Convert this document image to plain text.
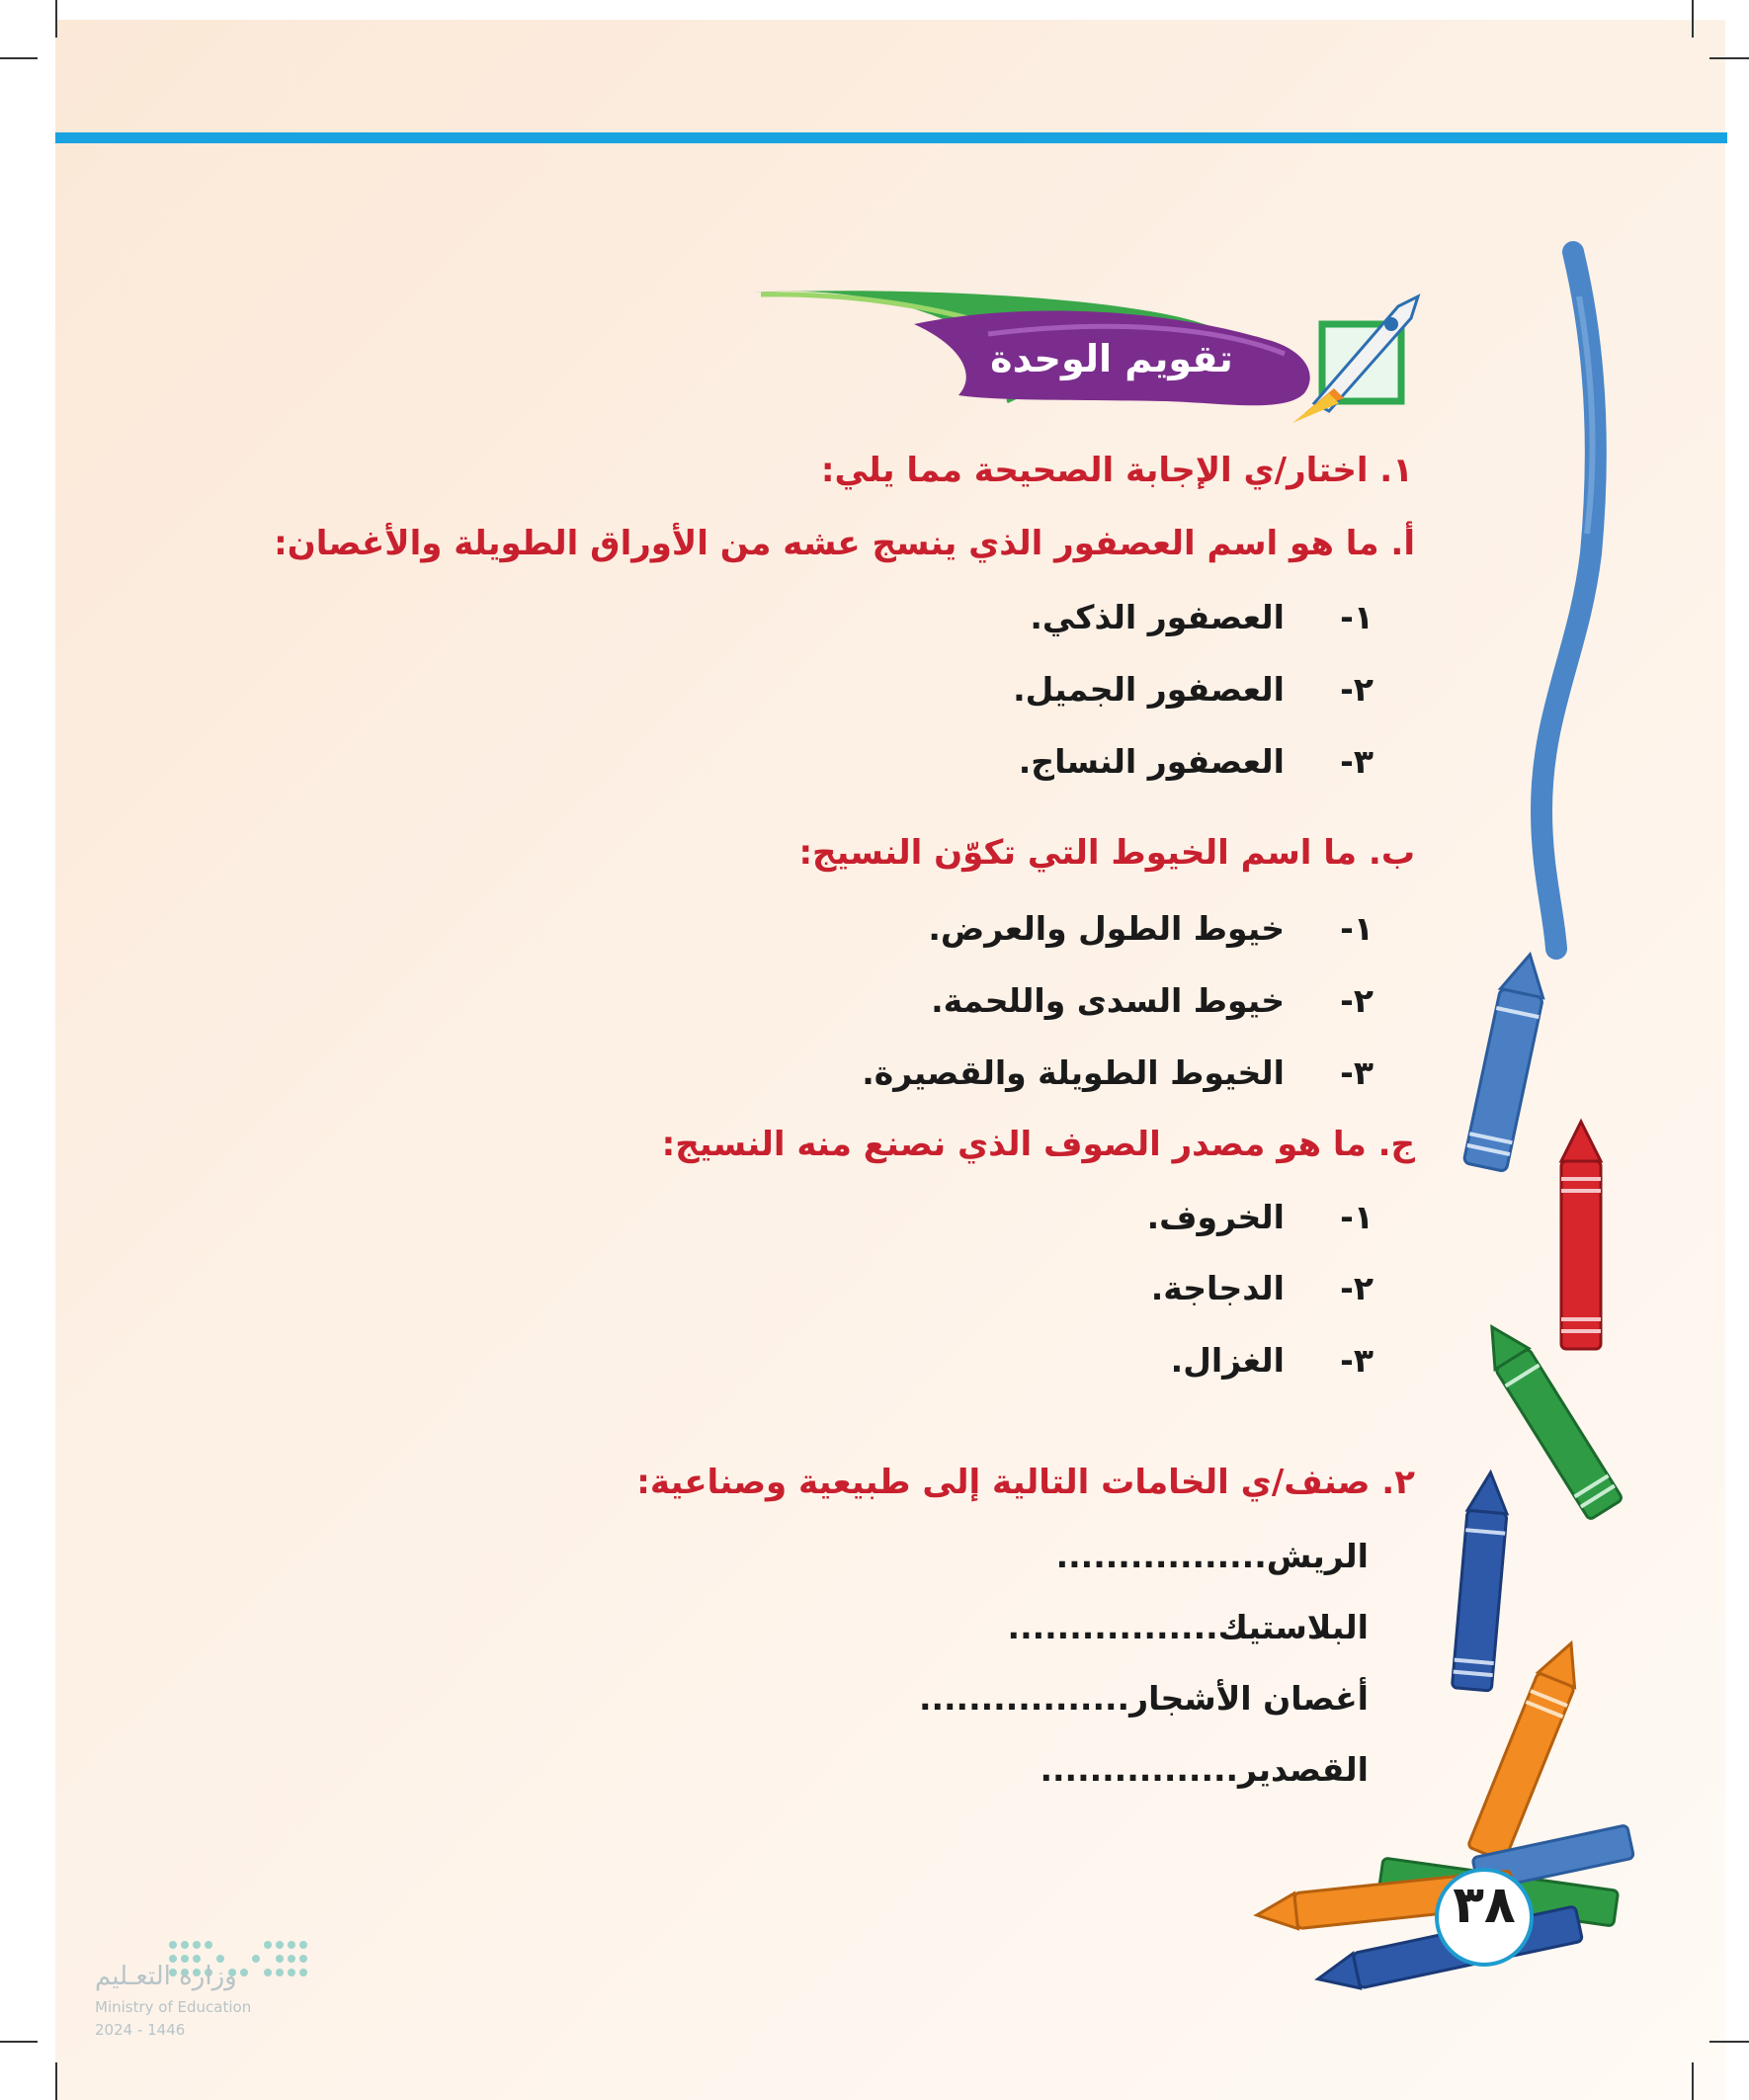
تقويم الوحدة
١. اختار/ي الإجابة الصحيحة مما يلي:
أ. ما هو اسم العصفور الذي ينسج عشه من الأوراق الطويلة والأغصان:
١-
العصفور الذكي.
٢-
العصفور الجميل.
٣-
العصفور النساج.
ب. ما اسم الخيوط التي تكوّن النسيج:
١-
خيوط الطول والعرض.
٢-
خيوط السدى واللحمة.
٣-
الخيوط الطويلة والقصيرة.
ج. ما هو مصدر الصوف الذي نصنع منه النسيج:
١-
الخروف.
٢-
الدجاجة.
٣-
الغزال.
٢. صنف/ي الخامات التالية إلى طبيعية وصناعية:
الريش.................
البلاستيك.................
أغصان الأشجار.................
القصدير................
٣٨
وزارة التعـليم
Ministry of Education
2024 - 1446
